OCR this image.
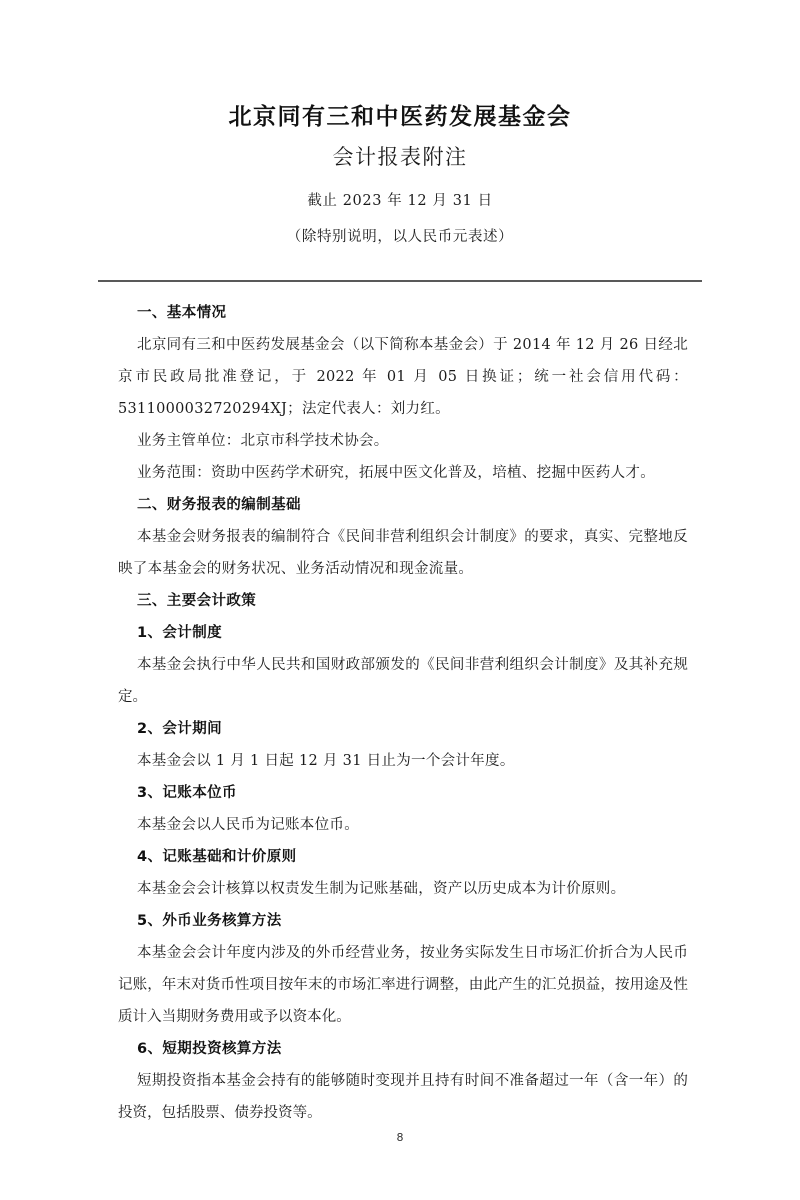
北京同有三和中医药发展基金会
会计报表附注

截止 2023 年 12 月 31 日

（除特别说明，以人民币元表述）

一、基本情况

北京同有三和中医药发展基金会（以下简称本基金会）于 2014 年 12 月 26 日经北京市民政局批准登记，于 2022 年 01 月 05 日换证；统一社会信用代码：5311000032720294XJ；法定代表人：刘力红。

业务主管单位：北京市科学技术协会。

业务范围：资助中医药学术研究，拓展中医文化普及，培植、挖掘中医药人才。

二、财务报表的编制基础

本基金会财务报表的编制符合《民间非营利组织会计制度》的要求，真实、完整地反映了本基金会的财务状况、业务活动情况和现金流量。

三、主要会计政策

1、会计制度

本基金会执行中华人民共和国财政部颁发的《民间非营利组织会计制度》及其补充规定。

2、会计期间

本基金会以 1 月 1 日起 12 月 31 日止为一个会计年度。

3、记账本位币

本基金会以人民币为记账本位币。

4、记账基础和计价原则

本基金会会计核算以权责发生制为记账基础，资产以历史成本为计价原则。

5、外币业务核算方法

本基金会会计年度内涉及的外币经营业务，按业务实际发生日市场汇价折合为人民币记账，年末对货币性项目按年末的市场汇率进行调整，由此产生的汇兑损益，按用途及性质计入当期财务费用或予以资本化。

6、短期投资核算方法

短期投资指本基金会持有的能够随时变现并且持有时间不准备超过一年（含一年）的投资，包括股票、债券投资等。

8
